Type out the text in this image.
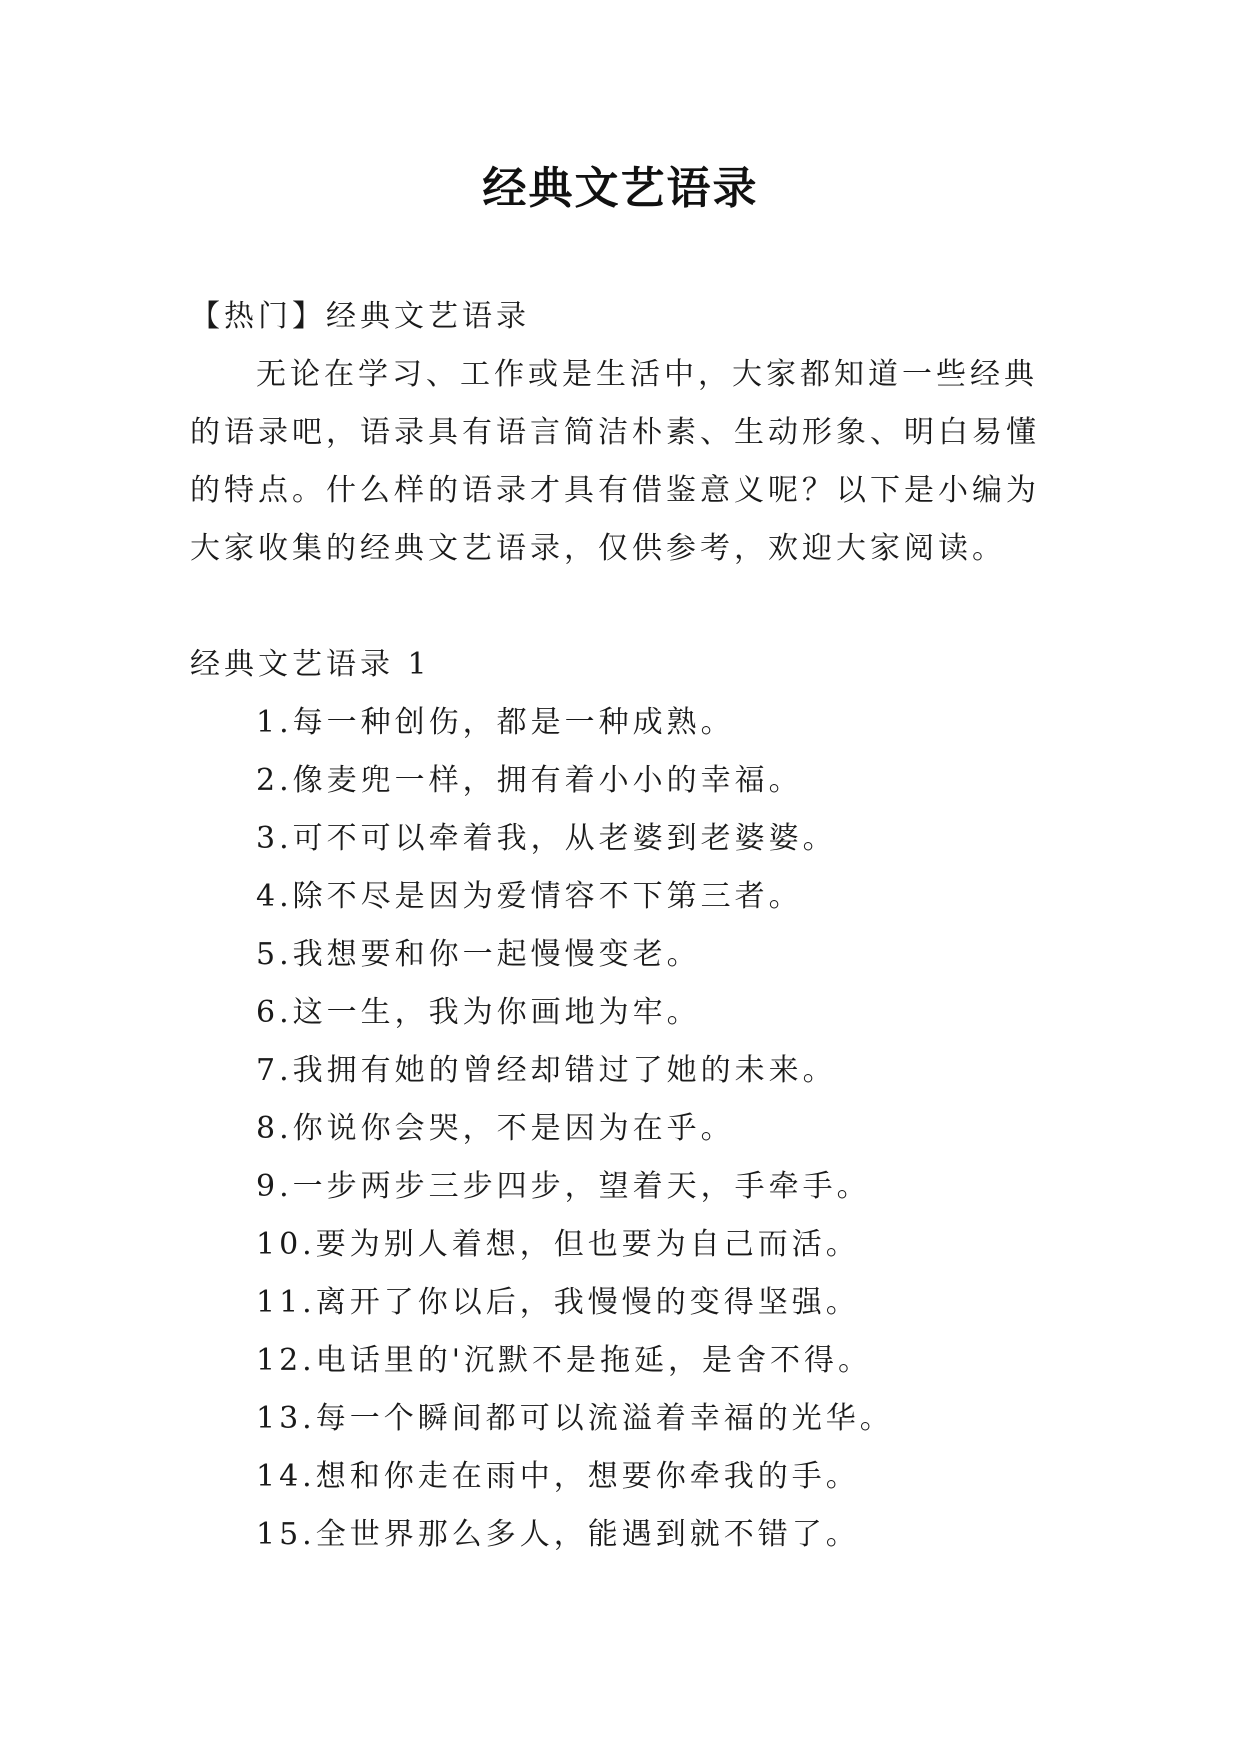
经典文艺语录

【热门】经典文艺语录

无论在学习、工作或是生活中，大家都知道一些经典的语录吧，语录具有语言简洁朴素、生动形象、明白易懂的特点。什么样的语录才具有借鉴意义呢？以下是小编为大家收集的经典文艺语录，仅供参考，欢迎大家阅读。

经典文艺语录 1

1.每一种创伤，都是一种成熟。
2.像麦兜一样，拥有着小小的幸福。
3.可不可以牵着我，从老婆到老婆婆。
4.除不尽是因为爱情容不下第三者。
5.我想要和你一起慢慢变老。
6.这一生，我为你画地为牢。
7.我拥有她的曾经却错过了她的未来。
8.你说你会哭，不是因为在乎。
9.一步两步三步四步，望着天，手牵手。
10.要为别人着想，但也要为自己而活。
11.离开了你以后，我慢慢的变得坚强。
12.电话里的'沉默不是拖延，是舍不得。
13.每一个瞬间都可以流溢着幸福的光华。
14.想和你走在雨中，想要你牵我的手。
15.全世界那么多人，能遇到就不错了。
